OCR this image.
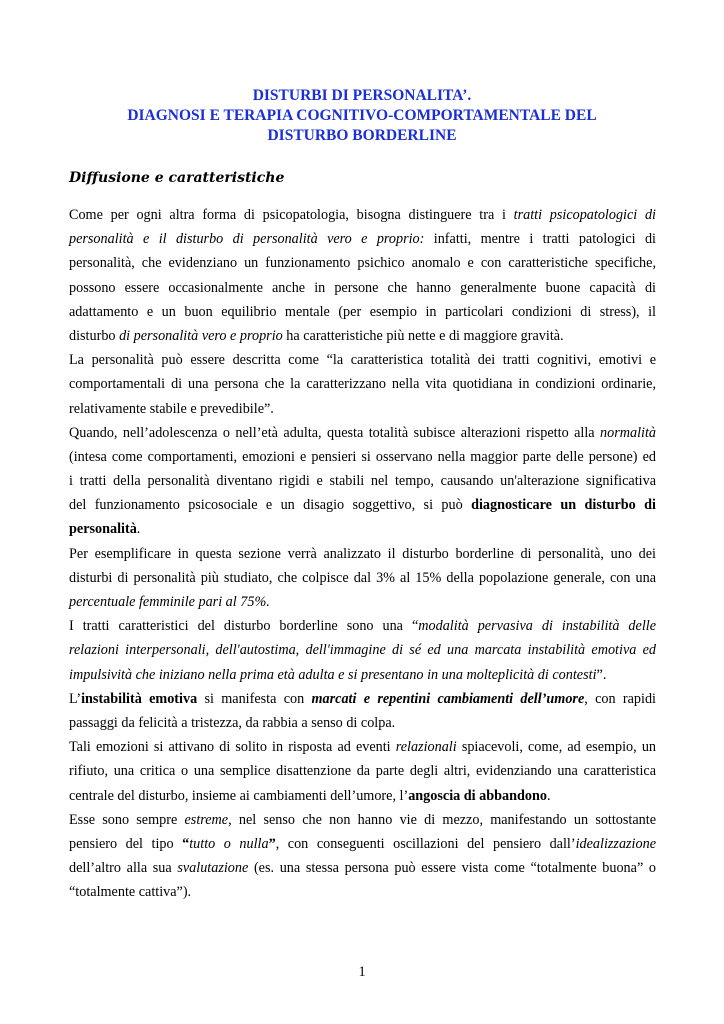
DISTURBI DI PERSONALITA’.
DIAGNOSI E TERAPIA COGNITIVO-COMPORTAMENTALE DEL
DISTURBO BORDERLINE
Diffusione e caratteristiche
Come per ogni altra forma di psicopatologia, bisogna distinguere tra i tratti psicopatologici di
personalità e il disturbo di personalità vero e proprio: infatti, mentre i tratti patologici di
personalità, che evidenziano un funzionamento psichico anomalo e con caratteristiche specifiche,
possono essere occasionalmente anche in persone che hanno generalmente buone capacità di
adattamento e un buon equilibrio mentale (per esempio in particolari condizioni di stress), il
disturbo di personalità vero e proprio ha caratteristiche più nette e di maggiore gravità.
La personalità può essere descritta come “la caratteristica totalità dei tratti cognitivi, emotivi e
comportamentali di una persona che la caratterizzano nella vita quotidiana in condizioni ordinarie,
relativamente stabile e prevedibile”.
Quando, nell’adolescenza o nell’età adulta, questa totalità subisce alterazioni rispetto alla normalità
(intesa come comportamenti, emozioni e pensieri si osservano nella maggior parte delle persone) ed
i tratti della personalità diventano rigidi e stabili nel tempo, causando un'alterazione significativa
del funzionamento psicosociale e un disagio soggettivo, si può diagnosticare un disturbo di
personalità.
Per esemplificare in questa sezione verrà analizzato il disturbo borderline di personalità, uno dei
disturbi di personalità più studiato, che colpisce dal 3% al 15% della popolazione generale, con una
percentuale femminile pari al 75%.
I tratti caratteristici del disturbo borderline sono una “modalità pervasiva di instabilità delle
relazioni interpersonali, dell'autostima, dell'immagine di sé ed una marcata instabilità emotiva ed
impulsività che iniziano nella prima età adulta e si presentano in una molteplicità di contesti”.
L’instabilità emotiva si manifesta con marcati e repentini cambiamenti dell’umore, con rapidi
passaggi da felicità a tristezza, da rabbia a senso di colpa.
Tali emozioni si attivano di solito in risposta ad eventi relazionali spiacevoli, come, ad esempio, un
rifiuto, una critica o una semplice disattenzione da parte degli altri, evidenziando una caratteristica
centrale del disturbo, insieme ai cambiamenti dell’umore, l’angoscia di abbandono.
Esse sono sempre estreme, nel senso che non hanno vie di mezzo, manifestando un sottostante
pensiero del tipo “tutto o nulla”, con conseguenti oscillazioni del pensiero dall’idealizzazione
dell’altro alla sua svalutazione (es. una stessa persona può essere vista come “totalmente buona” o
“totalmente cattiva”).
1
